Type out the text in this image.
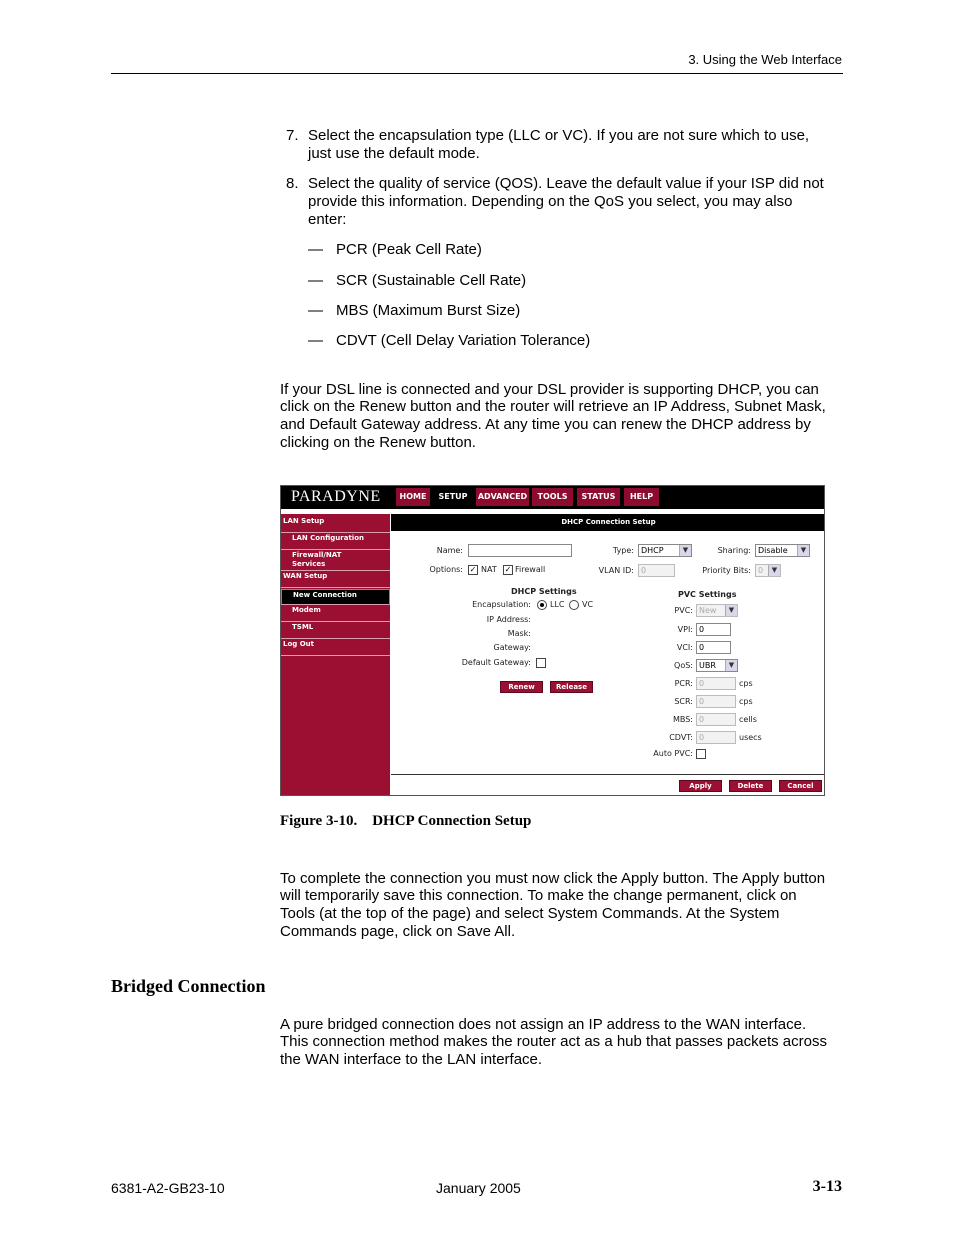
3. Using the Web Interface
7. Select the encapsulation type (LLC or VC). If you are not sure which to use,
just use the default mode.
8. Select the quality of service (QOS). Leave the default value if your ISP did not
provide this information. Depending on the QoS you select, you may also
enter:
— PCR (Peak Cell Rate)
— SCR (Sustainable Cell Rate)
— MBS (Maximum Burst Size)
— CDVT (Cell Delay Variation Tolerance)
If your DSL line is connected and your DSL provider is supporting DHCP, you can
click on the Renew button and the router will retrieve an IP Address, Subnet Mask,
and Default Gateway address. At any time you can renew the DHCP address by
clicking on the Renew button.
PARADYNE	HOME	SETUP	ADVANCED	TOOLS	STATUS	HELP
LAN Setup
LAN Configuration
Firewall/NAT
Services
WAN Setup
New Connection
Modem
TSML
Log Out
DHCP Connection Setup
Name:	Type: DHCP	▼	Sharing: Disable	▼
Options: ✓ NAT ✓ Firewall	VLAN ID: 0	Priority Bits: 0	▼
DHCP Settings
Encapsulation: LLC VC
IP Address:
Mask:
Gateway:
Default Gateway:
Renew	Release
PVC Settings
PVC: New	▼
VPI: 0
VCI: 0
QoS: UBR	▼
PCR: 0	cps
SCR: 0	cps
MBS: 0	cells
CDVT: 0	usecs
Auto PVC:
Apply	Delete	Cancel
Figure 3-10.    DHCP Connection Setup
To complete the connection you must now click the Apply button. The Apply button
will temporarily save this connection. To make the change permanent, click on
Tools (at the top of the page) and select System Commands. At the System
Commands page, click on Save All.
Bridged Connection
A pure bridged connection does not assign an IP address to the WAN interface.
This connection method makes the router act as a hub that passes packets across
the WAN interface to the LAN interface.
6381-A2-GB23-10	January 2005	3-13
